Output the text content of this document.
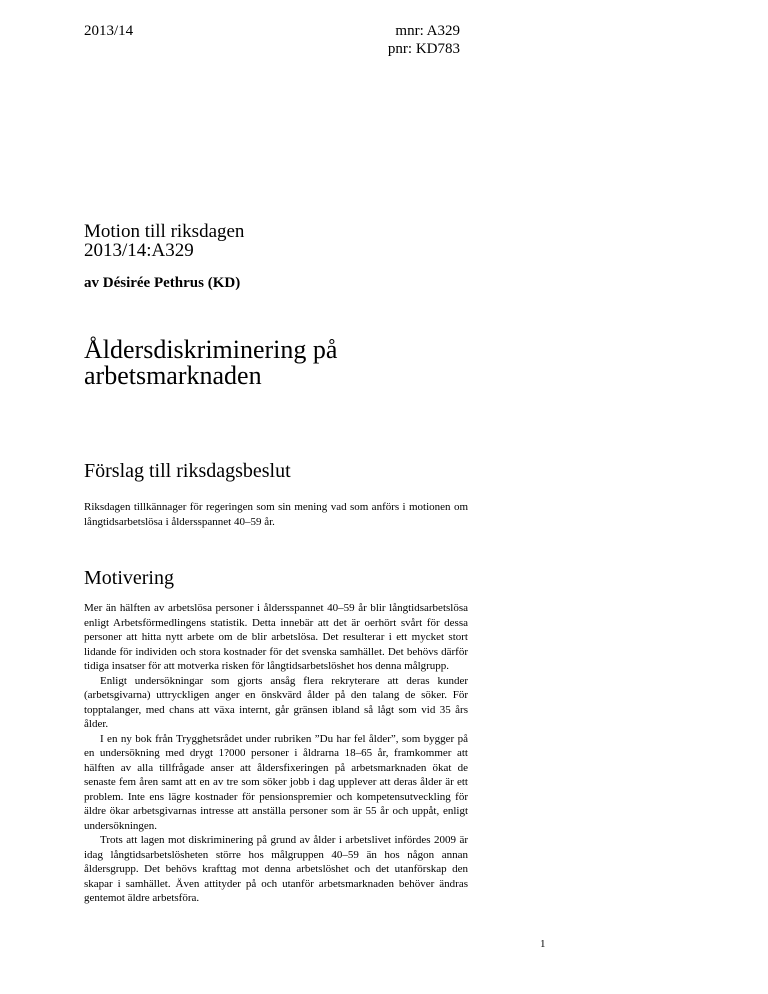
2013/14	mnr: A329
pnr: KD783
Motion till riksdagen
2013/14:A329
av Désirée Pethrus (KD)
Åldersdiskriminering på arbetsmarknaden
Förslag till riksdagsbeslut

Riksdagen tillkännager för regeringen som sin mening vad som anförs i motionen om långtidsarbetslösa i åldersspannet 40–59 år.

Motivering

Mer än hälften av arbetslösa personer i åldersspannet 40–59 år blir långtidsarbetslösa enligt Arbetsförmedlingens statistik. Detta innebär att det är oerhört svårt för dessa personer att hitta nytt arbete om de blir arbetslösa. Det resulterar i ett mycket stort lidande för individen och stora kostnader för det svenska samhället. Det behövs därför tidiga insatser för att motverka risken för långtidsarbetslöshet hos denna målgrupp.

Enligt undersökningar som gjorts ansåg flera rekryterare att deras kunder (arbetsgivarna) uttryckligen anger en önskvärd ålder på den talang de söker. För topptalanger, med chans att växa internt, går gränsen ibland så lågt som vid 35 års ålder.

I en ny bok från Trygghetsrådet under rubriken ”Du har fel ålder”, som bygger på en undersökning med drygt 1?000 personer i åldrarna 18–65 år, framkommer att hälften av alla tillfrågade anser att åldersfixeringen på arbetsmarknaden ökat de senaste fem åren samt att en av tre som söker jobb i dag upplever att deras ålder är ett problem. Inte ens lägre kostnader för pensionspremier och kompetensutveckling för äldre ökar arbetsgivarnas intresse att anställa personer som är 55 år och uppåt, enligt undersökningen.

Trots att lagen mot diskriminering på grund av ålder i arbetslivet infördes 2009 är idag långtidsarbetslösheten större hos målgruppen 40–59 än hos någon annan åldersgrupp. Det behövs krafttag mot denna arbetslöshet och det utanförskap den skapar i samhället. Även attityder på och utanför arbetsmarknaden behöver ändras gentemot äldre arbetsföra.

1
